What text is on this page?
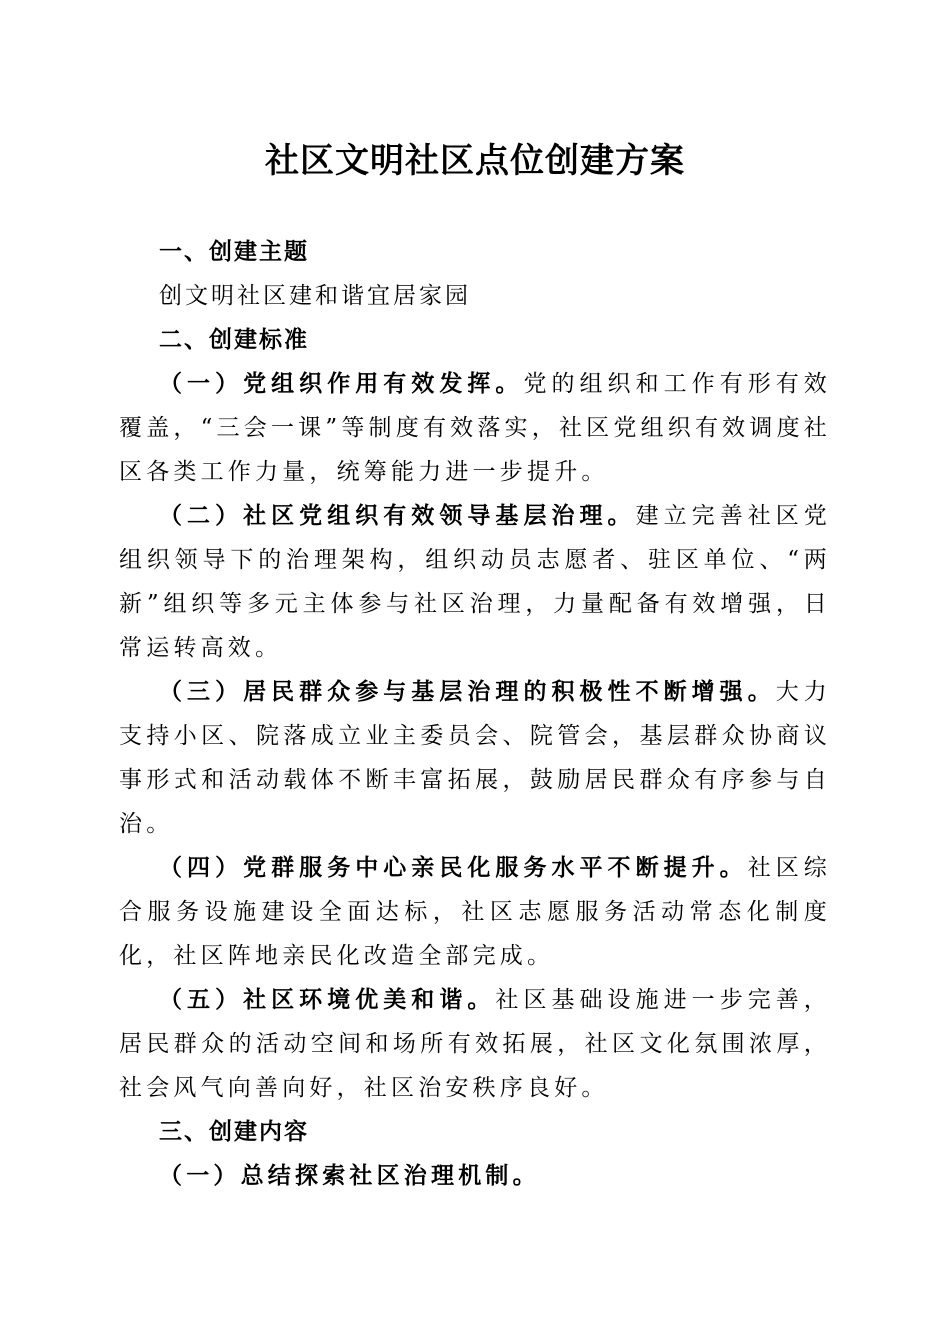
社区文明社区点位创建方案

一、创建主题

创文明社区建和谐宜居家园

二、创建标准

（一）党组织作用有效发挥。党的组织和工作有形有效覆盖，“三会一课”等制度有效落实，社区党组织有效调度社区各类工作力量，统筹能力进一步提升。

（二）社区党组织有效领导基层治理。建立完善社区党组织领导下的治理架构，组织动员志愿者、驻区单位、“两新”组织等多元主体参与社区治理，力量配备有效增强，日常运转高效。

（三）居民群众参与基层治理的积极性不断增强。大力支持小区、院落成立业主委员会、院管会，基层群众协商议事形式和活动载体不断丰富拓展，鼓励居民群众有序参与自治。

（四）党群服务中心亲民化服务水平不断提升。社区综合服务设施建设全面达标，社区志愿服务活动常态化制度化，社区阵地亲民化改造全部完成。

（五）社区环境优美和谐。社区基础设施进一步完善，居民群众的活动空间和场所有效拓展，社区文化氛围浓厚，社会风气向善向好，社区治安秩序良好。

三、创建内容

（一）总结探索社区治理机制。
